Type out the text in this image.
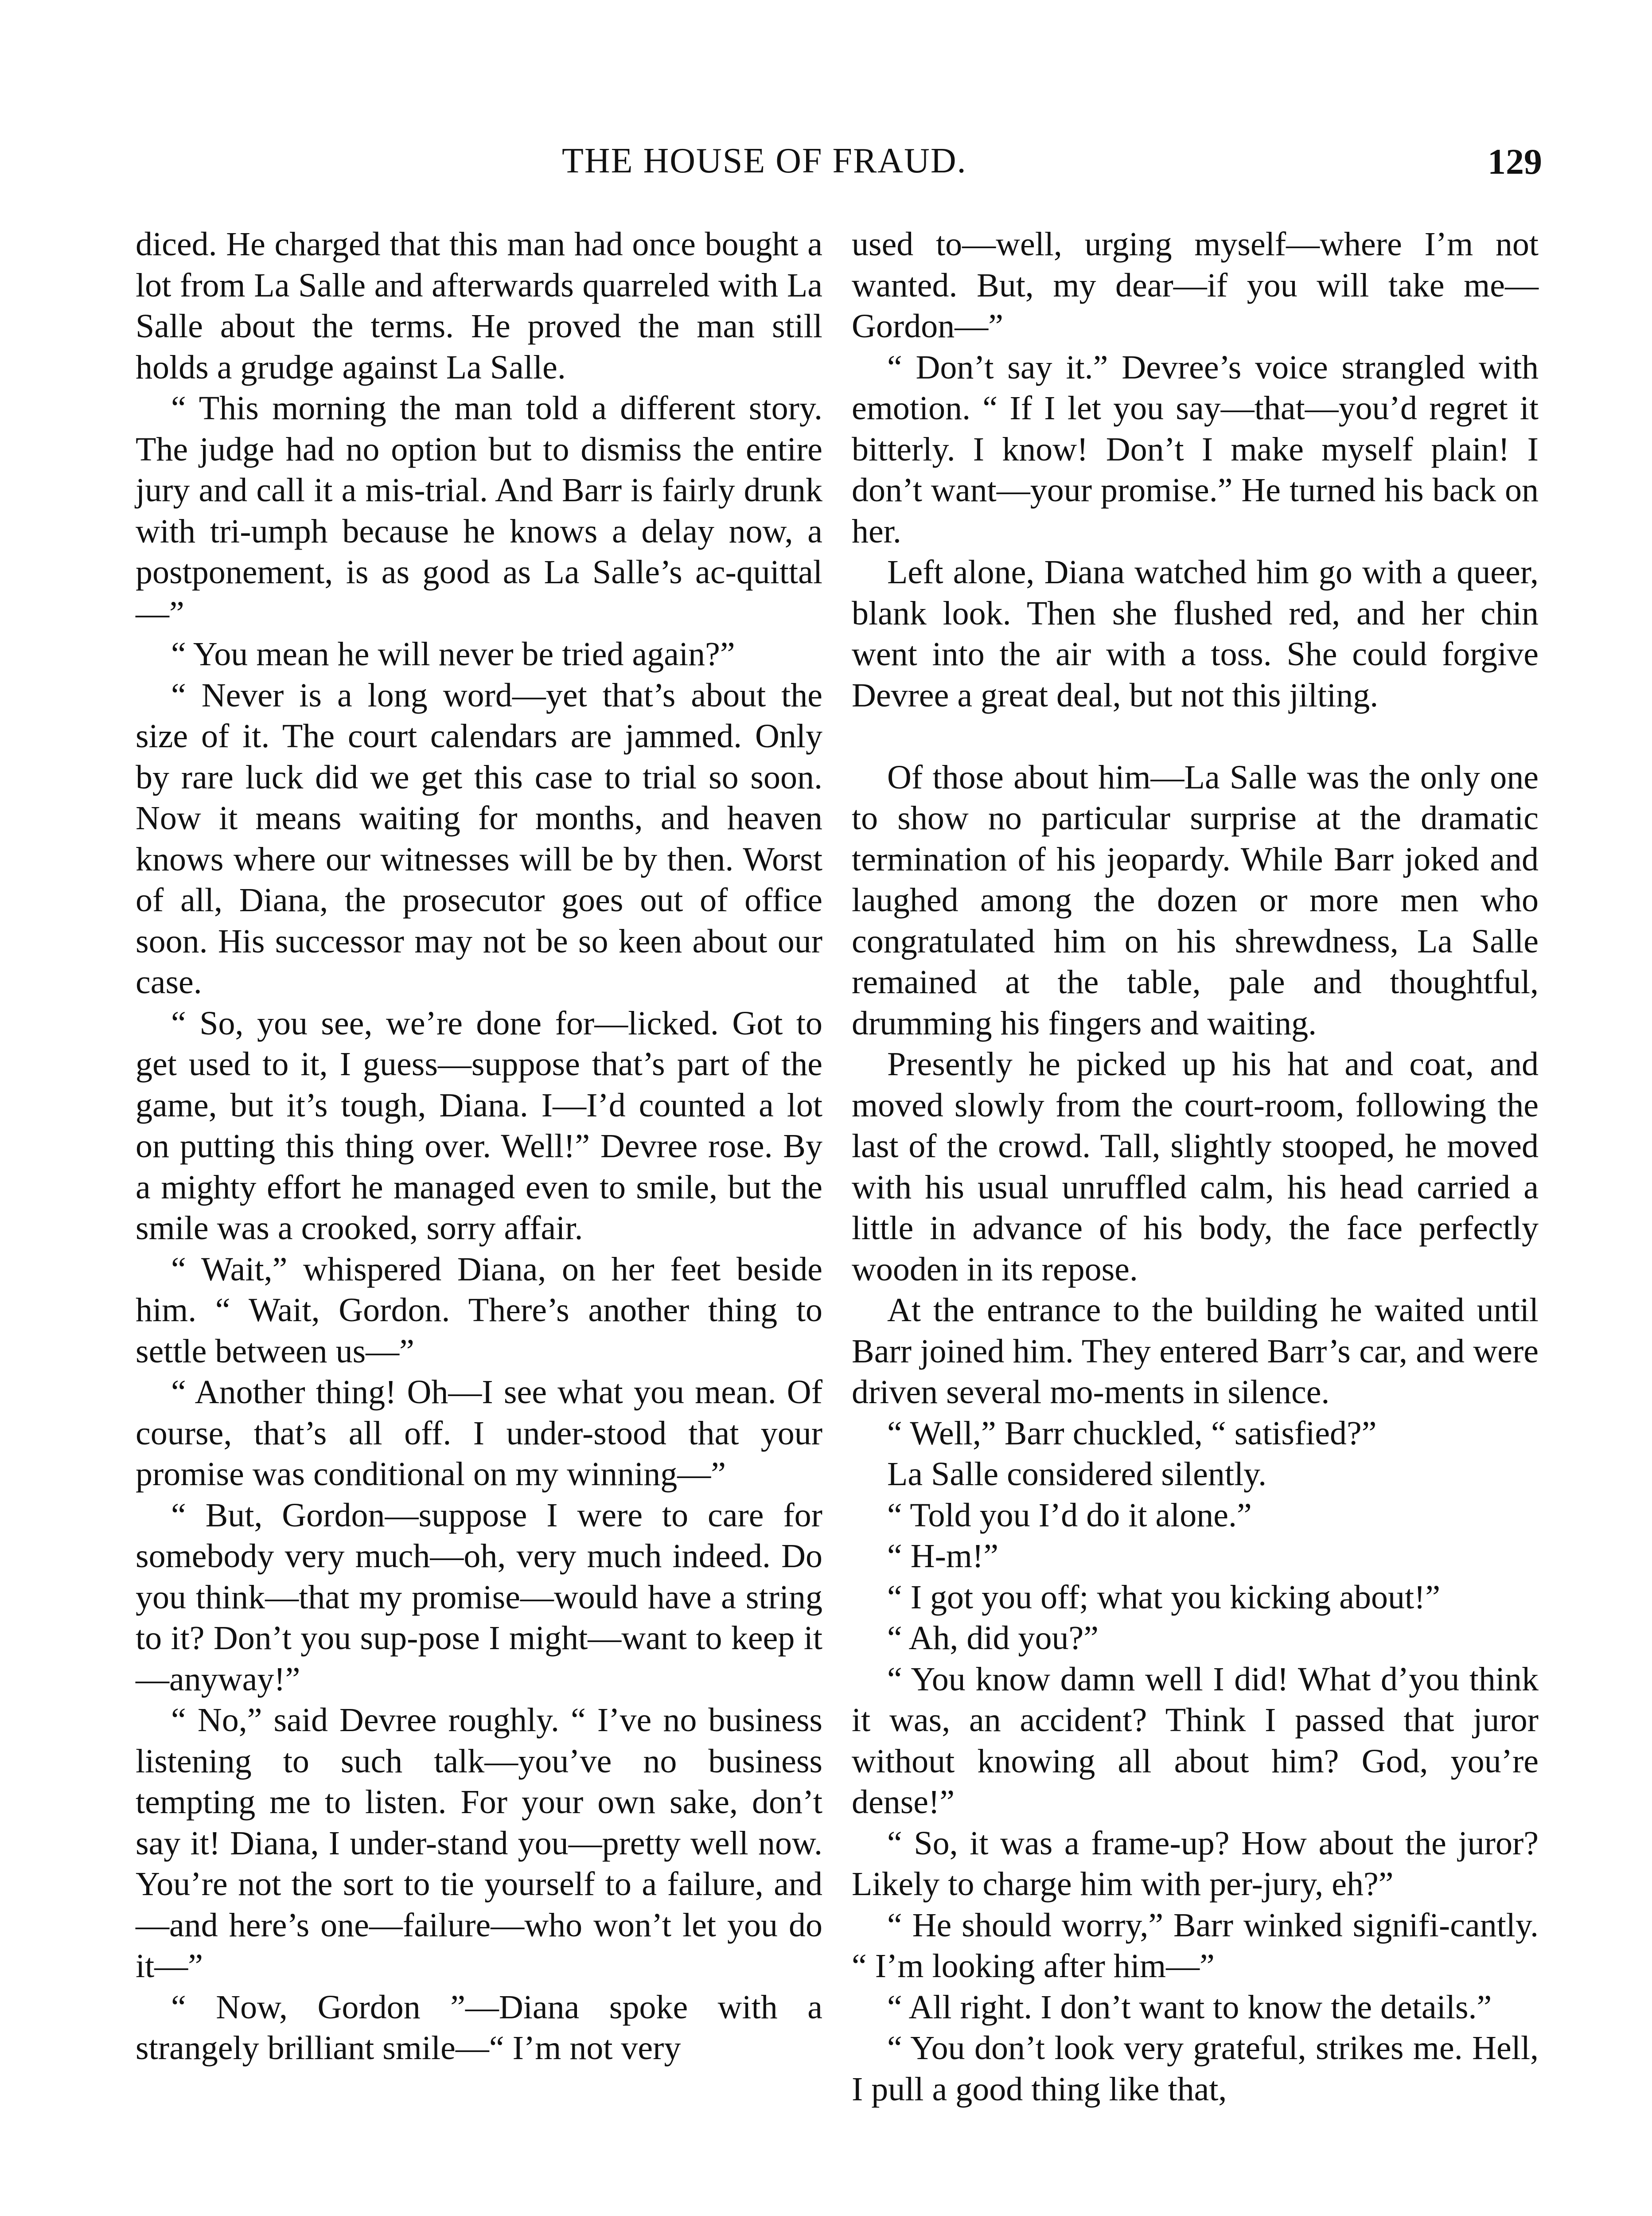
THE HOUSE OF FRAUD.	129

diced. He charged that this man had once bought a lot from La Salle and afterwards quarreled with La Salle about the terms. He proved the man still holds a grudge against La Salle.

“ This morning the man told a different story. The judge had no option but to dismiss the entire jury and call it a mis-trial. And Barr is fairly drunk with tri-umph because he knows a delay now, a postponement, is as good as La Salle’s ac-quittal—”

“ You mean he will never be tried again?”

“ Never is a long word—yet that’s about the size of it. The court calendars are jammed. Only by rare luck did we get this case to trial so soon. Now it means waiting for months, and heaven knows where our witnesses will be by then. Worst of all, Diana, the prosecutor goes out of office soon. His successor may not be so keen about our case.

“ So, you see, we’re done for—licked. Got to get used to it, I guess—suppose that’s part of the game, but it’s tough, Diana. I—I’d counted a lot on putting this thing over. Well!” Devree rose. By a mighty effort he managed even to smile, but the smile was a crooked, sorry affair.

“ Wait,” whispered Diana, on her feet beside him. “ Wait, Gordon. There’s another thing to settle between us—”

“ Another thing! Oh—I see what you mean. Of course, that’s all off. I under-stood that your promise was conditional on my winning—”

“ But, Gordon—suppose I were to care for somebody very much—oh, very much indeed. Do you think—that my promise—would have a string to it? Don’t you sup-pose I might—want to keep it—anyway!”

“ No,” said Devree roughly. “ I’ve no business listening to such talk—you’ve no business tempting me to listen. For your own sake, don’t say it! Diana, I under-stand you—pretty well now. You’re not the sort to tie yourself to a failure, and—and here’s one—failure—who won’t let you do it—”

“ Now, Gordon ”—Diana spoke with a strangely brilliant smile—“ I’m not very

used to—well, urging myself—where I’m not wanted. But, my dear—if you will take me—Gordon—”

“ Don’t say it.” Devree’s voice strangled with emotion. “ If I let you say—that—you’d regret it bitterly. I know! Don’t I make myself plain! I don’t want—your promise.” He turned his back on her.

Left alone, Diana watched him go with a queer, blank look. Then she flushed red, and her chin went into the air with a toss. She could forgive Devree a great deal, but not this jilting.

Of those about him—La Salle was the only one to show no particular surprise at the dramatic termination of his jeopardy. While Barr joked and laughed among the dozen or more men who congratulated him on his shrewdness, La Salle remained at the table, pale and thoughtful, drumming his fingers and waiting.

Presently he picked up his hat and coat, and moved slowly from the court-room, following the last of the crowd. Tall, slightly stooped, he moved with his usual unruffled calm, his head carried a little in advance of his body, the face perfectly wooden in its repose.

At the entrance to the building he waited until Barr joined him. They entered Barr’s car, and were driven several mo-ments in silence.

“ Well,” Barr chuckled, “ satisfied?”

La Salle considered silently.

“ Told you I’d do it alone.”

“ H-m!”

“ I got you off; what you kicking about!”

“ Ah, did you?”

“ You know damn well I did! What d’you think it was, an accident? Think I passed that juror without knowing all about him? God, you’re dense!”

“ So, it was a frame-up? How about the juror? Likely to charge him with per-jury, eh?”

“ He should worry,” Barr winked signifi-cantly. “ I’m looking after him—”

“ All right. I don’t want to know the details.”

“ You don’t look very grateful, strikes me. Hell, I pull a good thing like that,
